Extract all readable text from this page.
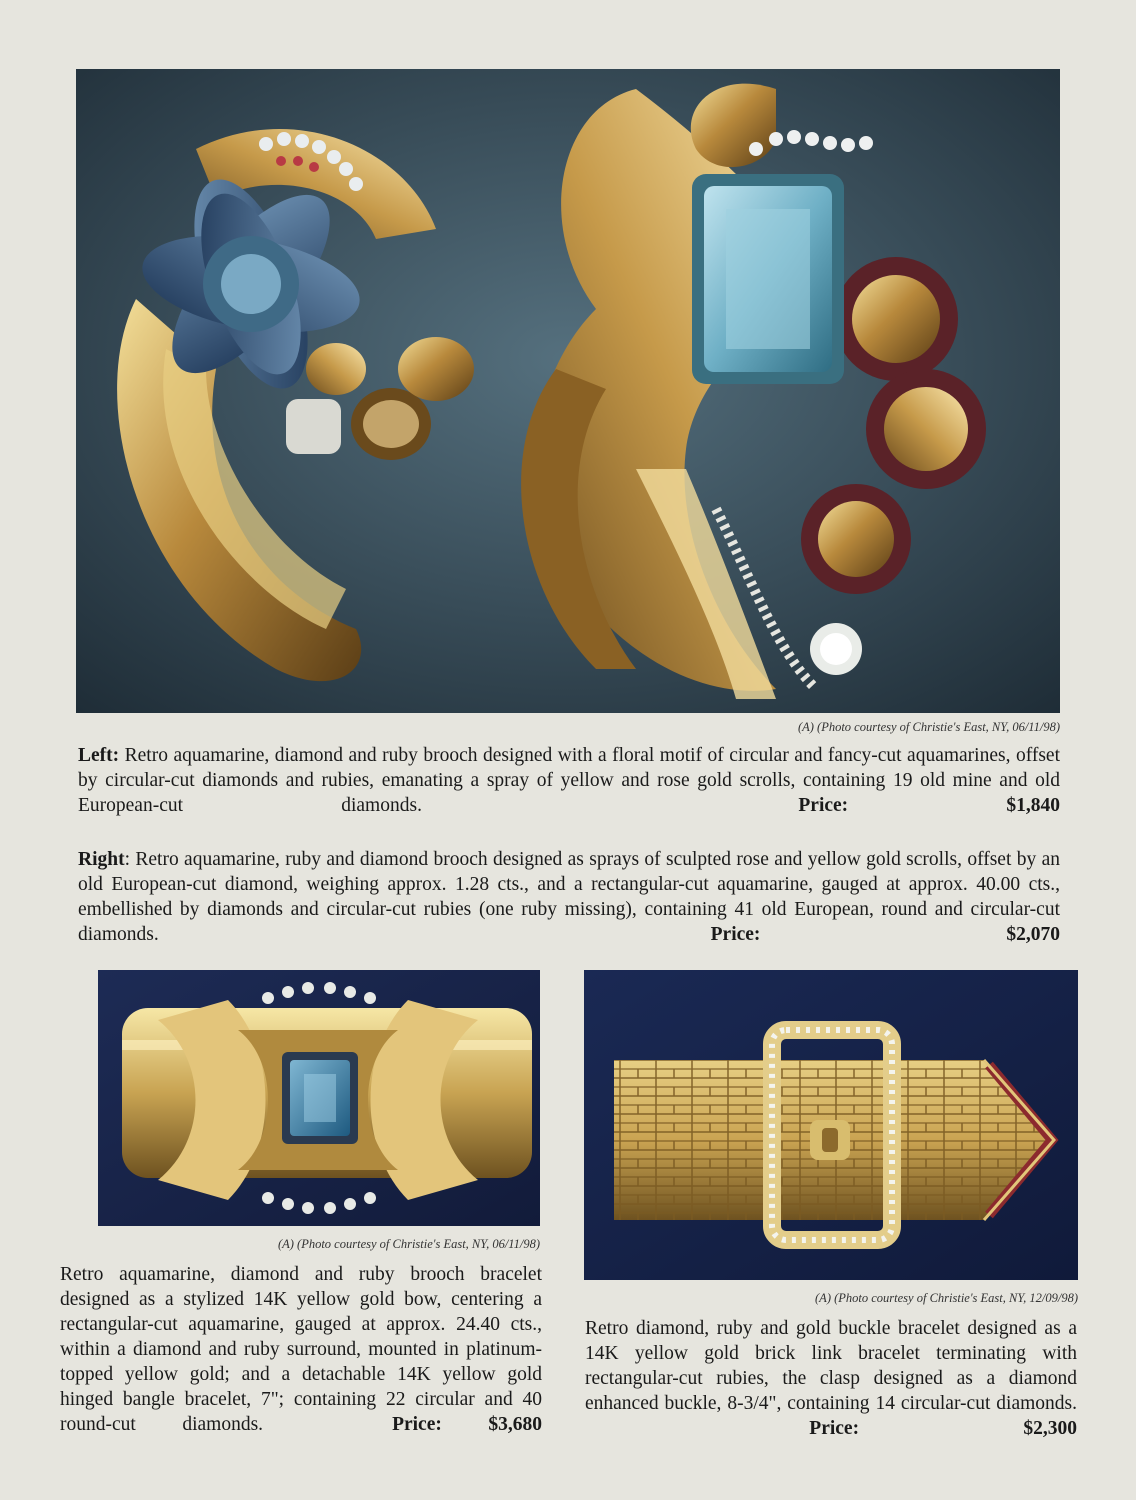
(A) (Photo courtesy of Christie's East, NY, 06/11/98)

Left: Retro aquamarine, diamond and ruby brooch designed with a floral motif of circular and fancy-cut aquamarines, offset by circular-cut diamonds and rubies, emanating a spray of yellow and rose gold scrolls, containing 19 old mine and old European-cut diamonds.	Price: $1,840

Right: Retro aquamarine, ruby and diamond brooch designed as sprays of sculpted rose and yellow gold scrolls, offset by an old European-cut diamond, weighing approx. 1.28 cts., and a rectangular-cut aquamarine, gauged at approx. 40.00 cts., embellished by diamonds and circular-cut rubies (one ruby missing), containing 41 old European, round and circular-cut diamonds.	Price: $2,070

(A) (Photo courtesy of Christie's East, NY, 06/11/98)

Retro aquamarine, diamond and ruby brooch bracelet designed as a stylized 14K yellow gold bow, centering a rectangular-cut aquamarine, gauged at approx. 24.40 cts., within a diamond and ruby surround, mounted in platinum-topped yellow gold; and a detachable 14K yellow gold hinged bangle bracelet, 7"; containing 22 circular and 40 round-cut diamonds.	Price: $3,680

(A) (Photo courtesy of Christie's East, NY, 12/09/98)

Retro diamond, ruby and gold buckle bracelet designed as a 14K yellow gold brick link bracelet terminating with rectangular-cut rubies, the clasp designed as a diamond enhanced buckle, 8-3/4", containing 14 circular-cut diamonds.  Price: $2,300
